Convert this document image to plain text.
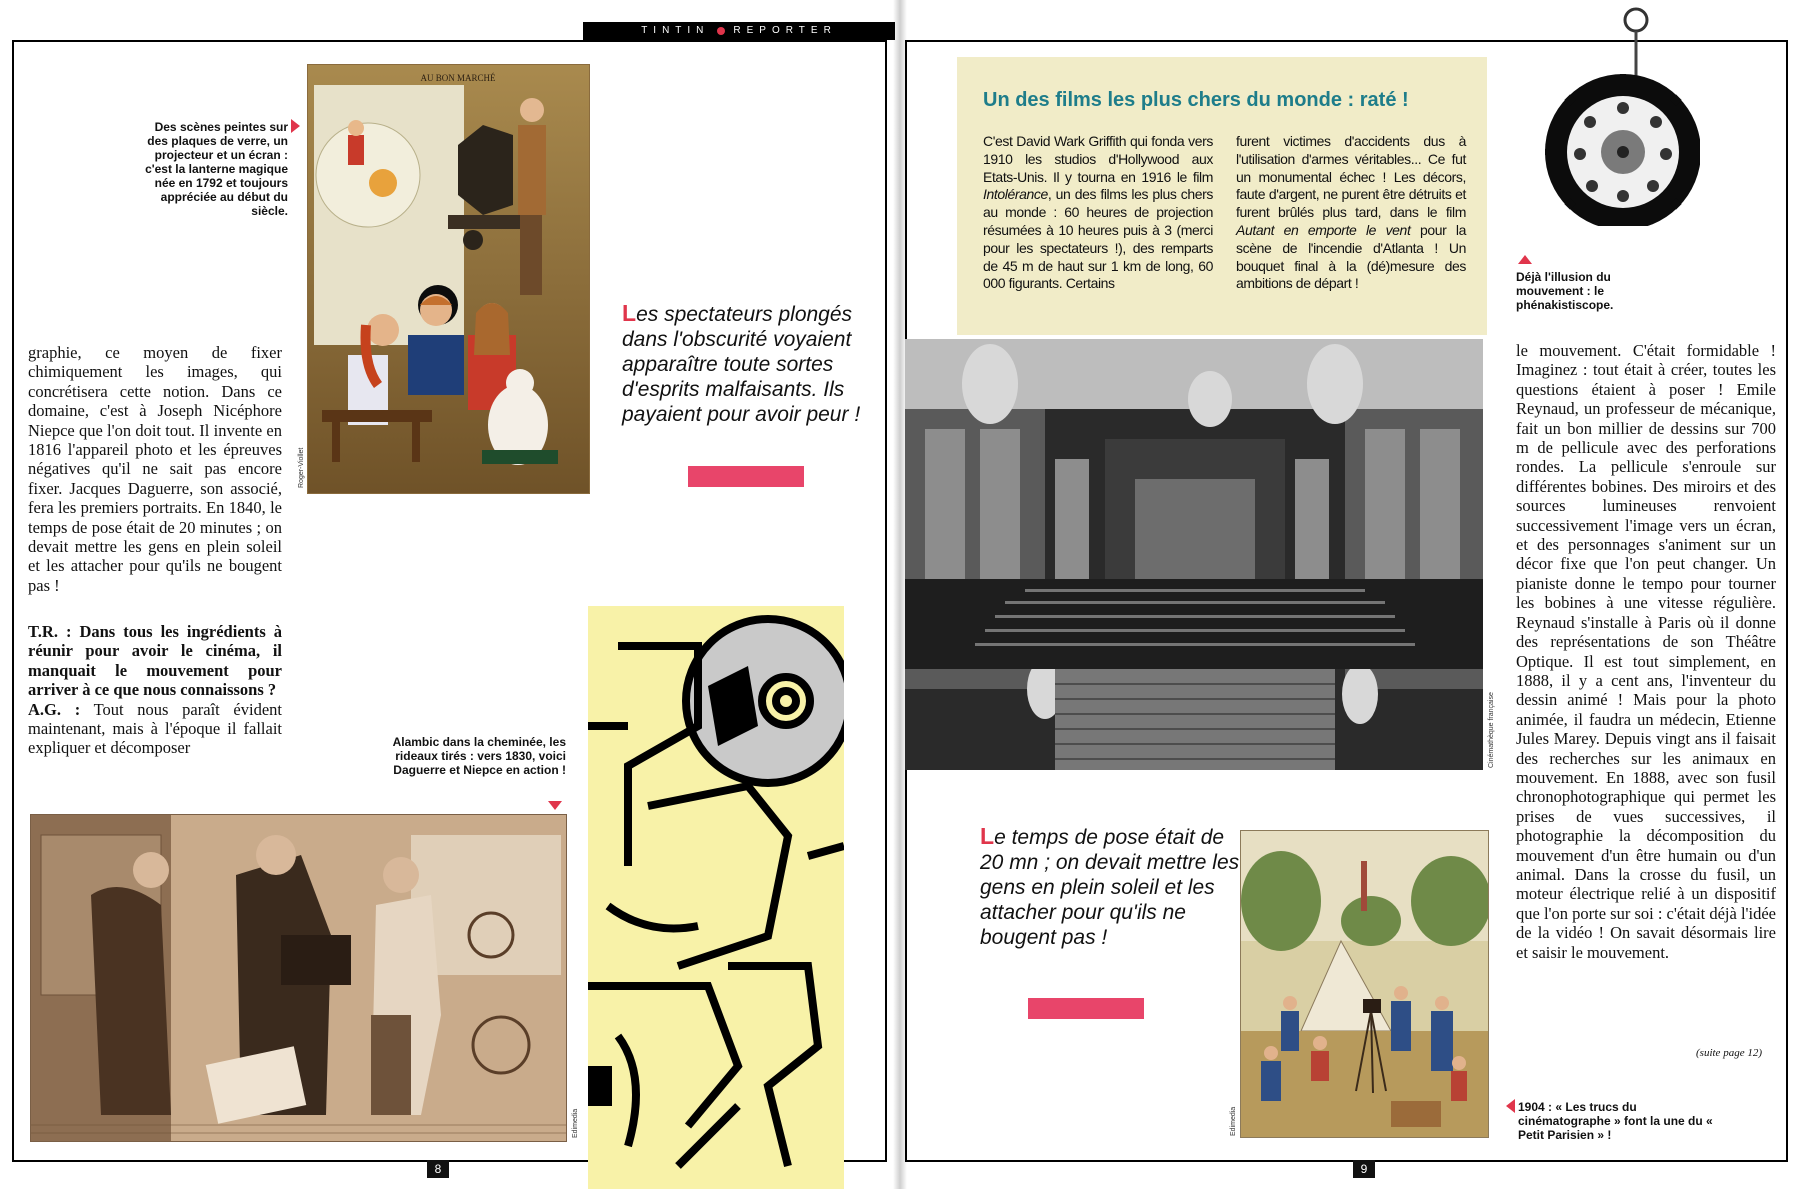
TINTIN REPORTER
AU BON MARCHÉ
Roger-Viollet
Des scènes peintes sur des plaques de verre, un projecteur et un écran : c'est la lanterne magique née en 1792 et toujours appréciée au début du siècle.
graphie, ce moyen de fixer chimiquement les images, qui concrétisera cette notion. Dans ce domaine, c'est à Joseph Nicéphore Niepce que l'on doit tout. Il invente en 1816 l'appareil photo et les épreuves négatives qu'il ne sait pas encore fixer. Jacques Daguerre, son associé, fera les premiers portraits. En 1840, le temps de pose était de 20 minutes ; on devait mettre les gens en plein soleil et les attacher pour qu'ils ne bougent pas !
T.R. : Dans tous les ingrédients à réunir pour avoir le cinéma, il manquait le mouvement pour arriver à ce que nous connaissons ?
A.G. : Tout nous paraît évident maintenant, mais à l'époque il fallait expliquer et décomposer
Les spectateurs plongés dans l'obscurité voyaient apparaître toute sortes d'esprits malfaisants. Ils payaient pour avoir peur !
Alambic dans la cheminée, les rideaux tirés : vers 1830, voici Daguerre et Niepce en action !
Edimedia
8
Un des films les plus chers du monde : raté !
C'est David Wark Griffith qui fonda vers 1910 les studios d'Hollywood aux Etats-Unis. Il y tourna en 1916 le film Intolérance, un des films les plus chers au monde : 60 heures de projection résumées à 10 heures puis à 3 (merci pour les spectateurs !), des remparts de 45 m de haut sur 1 km de long, 60 000 figurants. Certains
furent victimes d'accidents dus à l'utilisation d'armes véritables... Ce fut un monumental échec ! Les décors, faute d'argent, ne purent être détruits et furent brûlés plus tard, dans le film Autant en emporte le vent pour la scène de l'incendie d'Atlanta ! Un bouquet final à la (dé)mesure des ambitions de départ !
Cinémathèque française
Déjà l'illusion du mouvement : le phénakistiscope.
le mouvement. C'était formidable ! Imaginez : tout était à créer, toutes les questions étaient à poser ! Emile Reynaud, un professeur de mécanique, fait un bon millier de dessins sur 700 m de pellicule avec des perforations rondes. La pellicule s'enroule sur différentes bobines. Des miroirs et des sources lumineuses renvoient successivement l'image vers un écran, et des personnages s'animent sur un décor fixe que l'on peut changer. Un pianiste donne le tempo pour tourner les bobines à une vitesse régulière. Reynaud s'installe à Paris où il donne des représentations de son Théâtre Optique. Il est tout simplement, en 1888, il y a cent ans, l'inventeur du dessin animé ! Mais pour la photo animée, il faudra un médecin, Etienne Jules Marey. Depuis vingt ans il faisait des recherches sur les animaux en mouvement. En 1888, avec son fusil chronophotographique qui permet les prises de vues successives, il photographie la décomposition du mouvement d'un être humain ou d'un animal. Dans la crosse du fusil, un moteur électrique relié à un dispositif que l'on porte sur soi : c'était déjà l'idée de la vidéo ! On savait désormais lire et saisir le mouvement.
(suite page 12)
Le temps de pose était de 20 mn ; on devait mettre les gens en plein soleil et les attacher pour qu'ils ne bougent pas !
Edimedia	1904 : « Les trucs du cinématographe » font la une du « Petit Parisien » !
9
